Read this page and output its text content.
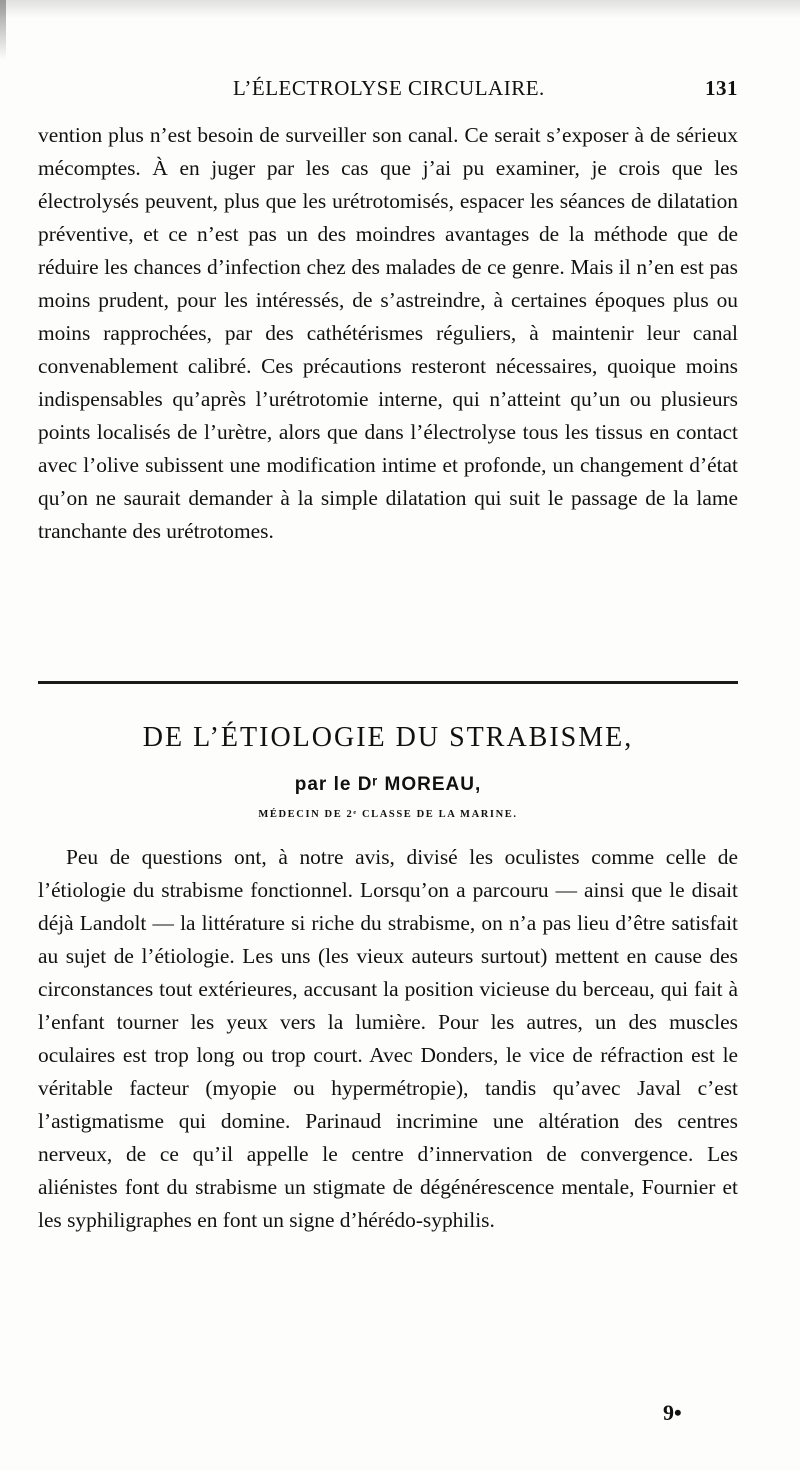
L’ÉLECTROLYSE CIRCULAIRE.	131

vention plus n’est besoin de surveiller son canal. Ce serait s’exposer à de sérieux mécomptes. À en juger par les cas que j’ai pu examiner, je crois que les électrolysés peuvent, plus que les urétrotomisés, espacer les séances de dilatation préventive, et ce n’est pas un des moindres avantages de la méthode que de réduire les chances d’infection chez des malades de ce genre. Mais il n’en est pas moins prudent, pour les intéressés, de s’astreindre, à certaines époques plus ou moins rapprochées, par des cathétérismes réguliers, à maintenir leur canal convenablement calibré. Ces précautions resteront nécessaires, quoique moins indispensables qu’après l’urétrotomie interne, qui n’atteint qu’un ou plusieurs points localisés de l’urètre, alors que dans l’électrolyse tous les tissus en contact avec l’olive subissent une modification intime et profonde, un changement d’état qu’on ne saurait demander à la simple dilatation qui suit le passage de la lame tranchante des urétrotomes.

DE L’ÉTIOLOGIE DU STRABISME,
par le Dʳ MOREAU,
MÉDECIN DE 2ᵉ CLASSE DE LA MARINE.

Peu de questions ont, à notre avis, divisé les oculistes comme celle de l’étiologie du strabisme fonctionnel. Lorsqu’on a parcouru — ainsi que le disait déjà Landolt — la littérature si riche du strabisme, on n’a pas lieu d’être satisfait au sujet de l’étiologie. Les uns (les vieux auteurs surtout) mettent en cause des circonstances tout extérieures, accusant la position vicieuse du berceau, qui fait à l’enfant tourner les yeux vers la lumière. Pour les autres, un des muscles oculaires est trop long ou trop court. Avec Donders, le vice de réfraction est le véritable facteur (myopie ou hypermétropie), tandis qu’avec Javal c’est l’astigmatisme qui domine. Parinaud incrimine une altération des centres nerveux, de ce qu’il appelle le centre d’innervation de convergence. Les aliénistes font du strabisme un stigmate de dégénérescence mentale, Fournier et les syphiligraphes en font un signe d’hérédo-syphilis.

9•
